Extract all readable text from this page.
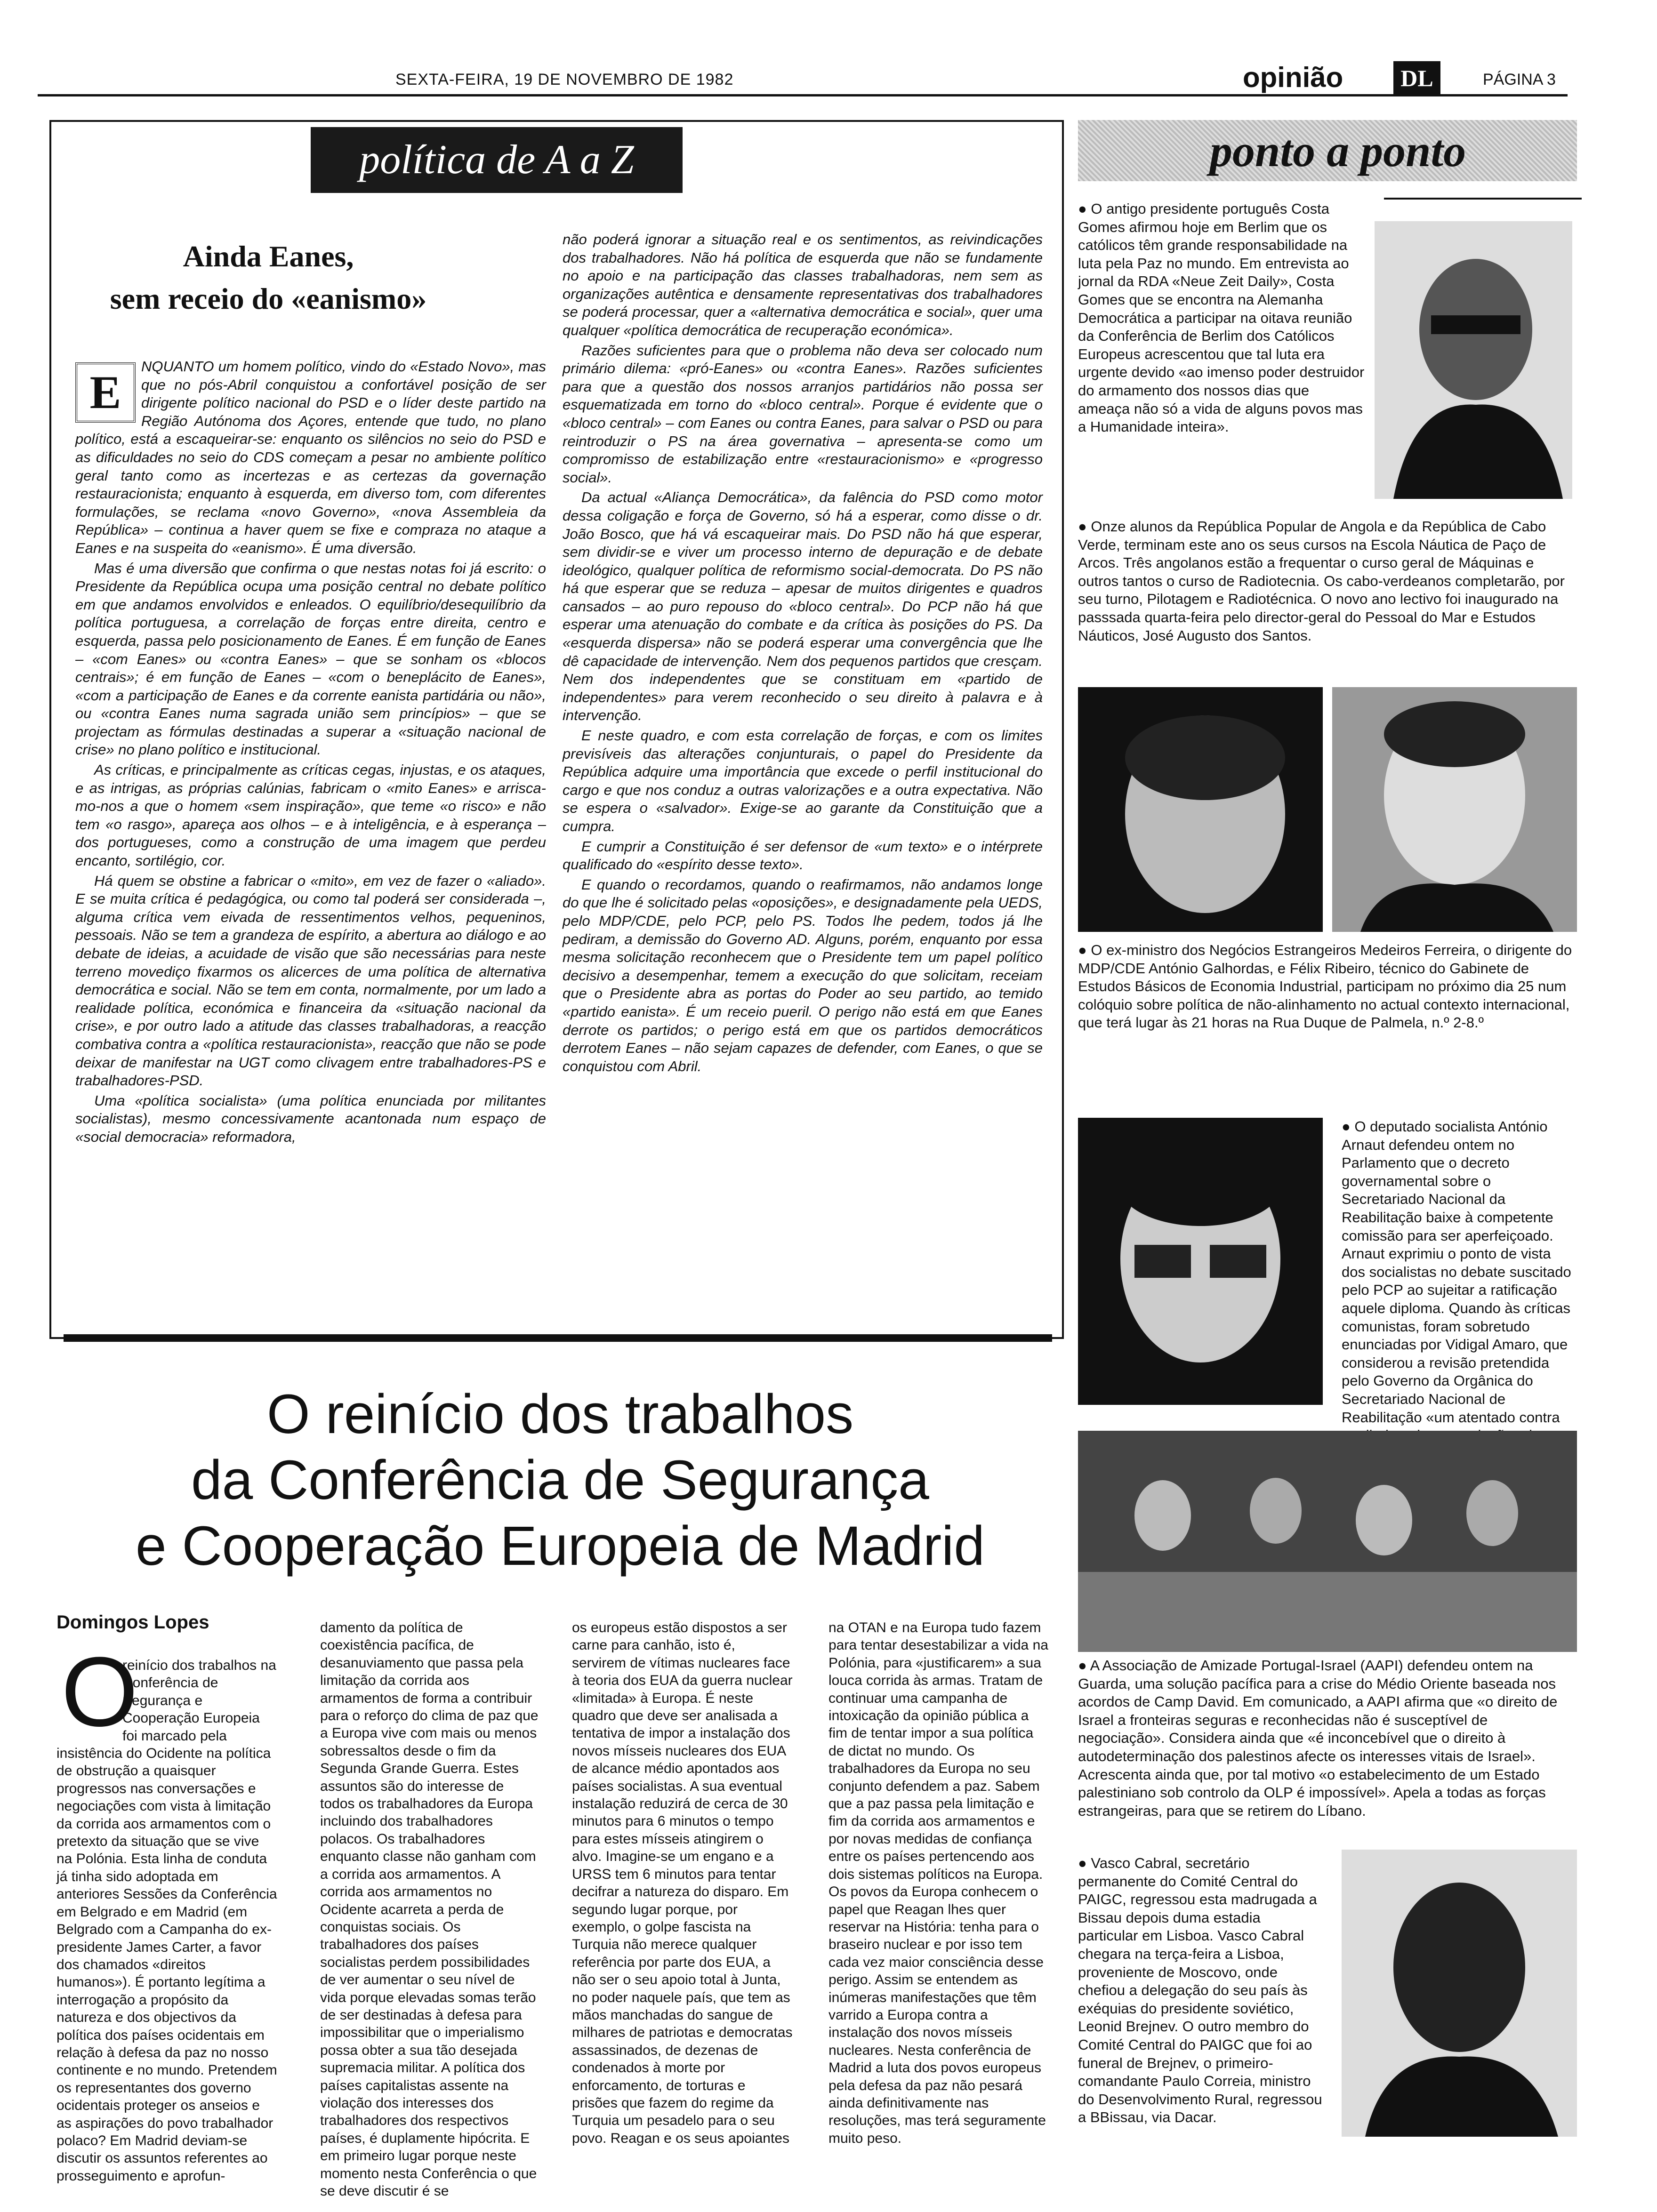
SEXTA-FEIRA, 19 DE NOVEMBRO DE 1982	opinião	DL	PÁGINA 3
política de A a Z
Ainda Eanes,
sem receio do «eanismo»
E	NQUANTO um homem político, vindo do «Estado Novo», mas que no pós-Abril conquistou a confortável posição de ser dirigente político nacional do PSD e o líder deste partido na Região Autónoma dos Açores, entende que tudo, no plano político, está a escaqueirar-se: enquanto os silêncios no seio do PSD e as dificuldades no seio do CDS começam a pesar no ambiente político geral tanto como as incertezas e as certezas da governação restauracionista; enquanto à esquerda, em diverso tom, com diferentes formulações, se reclama «novo Governo», «nova Assembleia da República» – continua a haver quem se fixe e compraza no ataque a Eanes e na suspeita do «eanismo». É uma diversão.

Mas é uma diversão que confirma o que nestas notas foi já escrito: o Presidente da República ocupa uma posição central no debate político em que andamos envolvidos e enleados. O equilíbrio/desequilíbrio da política portuguesa, a correlação de forças entre direita, centro e esquerda, passa pelo posicionamento de Eanes. É em função de Eanes – «com Eanes» ou «contra Eanes» – que se sonham os «blocos centrais»; é em função de Eanes – «com o beneplácito de Eanes», «com a participação de Eanes e da corrente eanista partidária ou não», ou «contra Eanes numa sagrada união sem princípios» – que se projectam as fórmulas destinadas a superar a «situação nacional de crise» no plano político e institucional.

As críticas, e principalmente as críticas cegas, injustas, e os ataques, e as intrigas, as próprias calúnias, fabricam o «mito Eanes» e arrisca-mo-nos a que o homem «sem inspiração», que teme «o risco» e não tem «o rasgo», apareça aos olhos – e à inteligência, e à esperança – dos portugueses, como a construção de uma imagem que perdeu encanto, sortilégio, cor.

Há quem se obstine a fabricar o «mito», em vez de fazer o «aliado». E se muita crítica é pedagógica, ou como tal poderá ser considerada –, alguma crítica vem eivada de ressentimentos velhos, pequeninos, pessoais. Não se tem a grandeza de espírito, a abertura ao diálogo e ao debate de ideias, a acuidade de visão que são necessárias para neste terreno movediço fixarmos os alicerces de uma política de alternativa democrática e social. Não se tem em conta, normalmente, por um lado a realidade política, económica e financeira da «situação nacional da crise», e por outro lado a atitude das classes trabalhadoras, a reacção combativa contra a «política restauracionista», reacção que não se pode deixar de manifestar na UGT como clivagem entre trabalhadores-PS e trabalhadores-PSD.

Uma «política socialista» (uma política enunciada por militantes socialistas), mesmo concessivamente acantonada num espaço de «social democracia» reformadora,

não poderá ignorar a situação real e os sentimentos, as reivindicações dos trabalhadores. Não há política de esquerda que não se fundamente no apoio e na participação das classes trabalhadoras, nem sem as organizações autêntica e densamente representativas dos trabalhadores se poderá processar, quer a «alternativa democrática e social», quer uma qualquer «política democrática de recuperação económica».

Razões suficientes para que o problema não deva ser colocado num primário dilema: «pró-Eanes» ou «contra Eanes». Razões suficientes para que a questão dos nossos arranjos partidários não possa ser esquematizada em torno do «bloco central». Porque é evidente que o «bloco central» – com Eanes ou contra Eanes, para salvar o PSD ou para reintroduzir o PS na área governativa – apresenta-se como um compromisso de estabilização entre «restauracionismo» e «progresso social».

Da actual «Aliança Democrática», da falência do PSD como motor dessa coligação e força de Governo, só há a esperar, como disse o dr. João Bosco, que há vá escaqueirar mais. Do PSD não há que esperar, sem dividir-se e viver um processo interno de depuração e de debate ideológico, qualquer política de reformismo social-democrata. Do PS não há que esperar que se reduza – apesar de muitos dirigentes e quadros cansados – ao puro repouso do «bloco central». Do PCP não há que esperar uma atenuação do combate e da crítica às posições do PS. Da «esquerda dispersa» não se poderá esperar uma convergência que lhe dê capacidade de intervenção. Nem dos pequenos partidos que cresçam. Nem dos independentes que se constituam em «partido de independentes» para verem reconhecido o seu direito à palavra e à intervenção.

E neste quadro, e com esta correlação de forças, e com os limites previsíveis das alterações conjunturais, o papel do Presidente da República adquire uma importância que excede o perfil institucional do cargo e que nos conduz a outras valorizações e a outra expectativa. Não se espera o «salvador». Exige-se ao garante da Constituição que a cumpra.

E cumprir a Constituição é ser defensor de «um texto» e o intérprete qualificado do «espírito desse texto».

E quando o recordamos, quando o reafirmamos, não andamos longe do que lhe é solicitado pelas «oposições», e designadamente pela UEDS, pelo MDP/CDE, pelo PCP, pelo PS. Todos lhe pedem, todos já lhe pediram, a demissão do Governo AD. Alguns, porém, enquanto por essa mesma solicitação reconhecem que o Presidente tem um papel político decisivo a desempenhar, temem a execução do que solicitam, receiam que o Presidente abra as portas do Poder ao seu partido, ao temido «partido eanista». É um receio pueril. O perigo não está em que Eanes derrote os partidos; o perigo está em que os partidos democráticos derrotem Eanes – não sejam capazes de defender, com Eanes, o que se conquistou com Abril.

O reinício dos trabalhos
da Conferência de Segurança
e Cooperação Europeia de Madrid
Domingos Lopes
O
reinício dos trabalhos na Conferência de Segurança e Cooperação Europeia foi marcado pela insistência do Ocidente na política de obstrução a quaisquer progressos nas conversações e negociações com vista à limitação da corrida aos armamentos com o pretexto da situação que se vive na Polónia. Esta linha de conduta já tinha sido adoptada em anteriores Sessões da Conferência em Belgrado e em Madrid (em Belgrado com a Campanha do ex-presidente James Carter, a favor dos chamados «direitos humanos»). É portanto legítima a interrogação a propósito da natureza e dos objectivos da política dos países ocidentais em relação à defesa da paz no nosso continente e no mundo. Pretendem os representantes dos governo ocidentais proteger os anseios e as aspirações do povo trabalhador polaco? Em Madrid deviam-se discutir os assuntos referentes ao prosseguimento e aprofun-
damento da política de coexistência pacífica, de desanuviamento que passa pela limitação da corrida aos armamentos de forma a contribuir para o reforço do clima de paz que a Europa vive com mais ou menos sobressaltos desde o fim da Segunda Grande Guerra. Estes assuntos são do interesse de todos os trabalhadores da Europa incluindo dos trabalhadores polacos. Os trabalhadores enquanto classe não ganham com a corrida aos armamentos. A corrida aos armamentos no Ocidente acarreta a perda de conquistas sociais. Os trabalhadores dos países socialistas perdem possibilidades de ver aumentar o seu nível de vida porque elevadas somas terão de ser destinadas à defesa para impossibilitar que o imperialismo possa obter a sua tão desejada supremacia militar. A política dos países capitalistas assente na violação dos interesses dos trabalhadores dos respectivos países, é duplamente hipócrita. E em primeiro lugar porque neste momento nesta Conferência o que se deve discutir é se
os europeus estão dispostos a ser carne para canhão, isto é, servirem de vítimas nucleares face à teoria dos EUA da guerra nuclear «limitada» à Europa. É neste quadro que deve ser analisada a tentativa de impor a instalação dos novos mísseis nucleares dos EUA de alcance médio apontados aos países socialistas. A sua eventual instalação reduzirá de cerca de 30 minutos para 6 minutos o tempo para estes mísseis atingirem o alvo. Imagine-se um engano e a URSS tem 6 minutos para tentar decifrar a natureza do disparo. Em segundo lugar porque, por exemplo, o golpe fascista na Turquia não merece qualquer referência por parte dos EUA, a não ser o seu apoio total à Junta, no poder naquele país, que tem as mãos manchadas do sangue de milhares de patriotas e democratas assassinados, de dezenas de condenados à morte por enforcamento, de torturas e prisões que fazem do regime da Turquia um pesadelo para o seu povo. Reagan e os seus apoiantes
na OTAN e na Europa tudo fazem para tentar desestabilizar a vida na Polónia, para «justificarem» a sua louca corrida às armas. Tratam de continuar uma campanha de intoxicação da opinião pública a fim de tentar impor a sua política de dictat no mundo. Os trabalhadores da Europa no seu conjunto defendem a paz. Sabem que a paz passa pela limitação e fim da corrida aos armamentos e por novas medidas de confiança entre os países pertencendo aos dois sistemas políticos na Europa. Os povos da Europa conhecem o papel que Reagan lhes quer reservar na História: tenha para o braseiro nuclear e por isso tem cada vez maior consciência desse perigo. Assim se entendem as inúmeras manifestações que têm varrido a Europa contra a instalação dos novos mísseis nucleares. Nesta conferência de Madrid a luta dos povos europeus pela defesa da paz não pesará ainda definitivamente nas resoluções, mas terá seguramente muito peso.
ponto a ponto
● O antigo presidente português Costa Gomes afirmou hoje em Berlim que os católicos têm grande responsabilidade na luta pela Paz no mundo. Em entrevista ao jornal da RDA «Neue Zeit Daily», Costa Gomes que se encontra na Alemanha Democrática a participar na oitava reunião da Conferência de Berlim dos Católicos Europeus acrescentou que tal luta era urgente devido «ao imenso poder destruidor do armamento dos nossos dias que ameaça não só a vida de alguns povos mas a Humanidade inteira».
● Onze alunos da República Popular de Angola e da República de Cabo Verde, terminam este ano os seus cursos na Escola Náutica de Paço de Arcos. Três angolanos estão a frequentar o curso geral de Máquinas e outros tantos o curso de Radiotecnia. Os cabo-verdeanos completarão, por seu turno, Pilotagem e Radiotécnica. O novo ano lectivo foi inaugurado na passsada quarta-feira pelo director-geral do Pessoal do Mar e Estudos Náuticos, José Augusto dos Santos.
● O ex-ministro dos Negócios Estrangeiros Medeiros Ferreira, o dirigente do MDP/CDE António Galhordas, e Félix Ribeiro, técnico do Gabinete de Estudos Básicos de Economia Industrial, participam no próximo dia 25 num colóquio sobre política de não-alinhamento no actual contexto internacional, que terá lugar às 21 horas na Rua Duque de Palmela, n.º 2-8.º
● O deputado socialista António Arnaut defendeu ontem no Parlamento que o decreto governamental sobre o Secretariado Nacional da Reabilitação baixe à competente comissão para ser aperfeiçoado. Arnaut exprimiu o ponto de vista dos socialistas no debate suscitado pelo PCP ao sujeitar a ratificação aquele diploma. Quando às críticas comunistas, foram sobretudo enunciadas por Vidigal Amaro, que considerou a revisão pretendida pelo Governo da Orgânica do Secretariado Nacional de Reabilitação «um atentado contra
● A Associação de Amizade Portugal-Israel (AAPI) defendeu ontem na Guarda, uma solução pacífica para a crise do Médio Oriente baseada nos acordos de Camp David. Em comunicado, a AAPI afirma que «o direito de Israel a fronteiras seguras e reconhecidas não é susceptível de negociação». Considera ainda que «é inconcebível que o direito à autodeterminação dos palestinos afecte os interesses vitais de Israel». Acrescenta ainda que, por tal motivo «o estabelecimento de um Estado palestiniano sob controlo da OLP é impossível». Apela a todas as forças estrangeiras, para que se retirem do Líbano.
● Vasco Cabral, secretário permanente do Comité Central do PAIGC, regressou esta madrugada a Bissau depois duma estadia particular em Lisboa. Vasco Cabral chegara na terça-feira a Lisboa, proveniente de Moscovo, onde chefiou a delegação do seu país às exéquias do presidente soviético, Leonid Brejnev. O outro membro do Comité Central do PAIGC que foi ao funeral de Brejnev, o primeiro-comandante Paulo Correia, ministro do Desenvolvimento Rural, regressou a BBissau, via Dacar.
